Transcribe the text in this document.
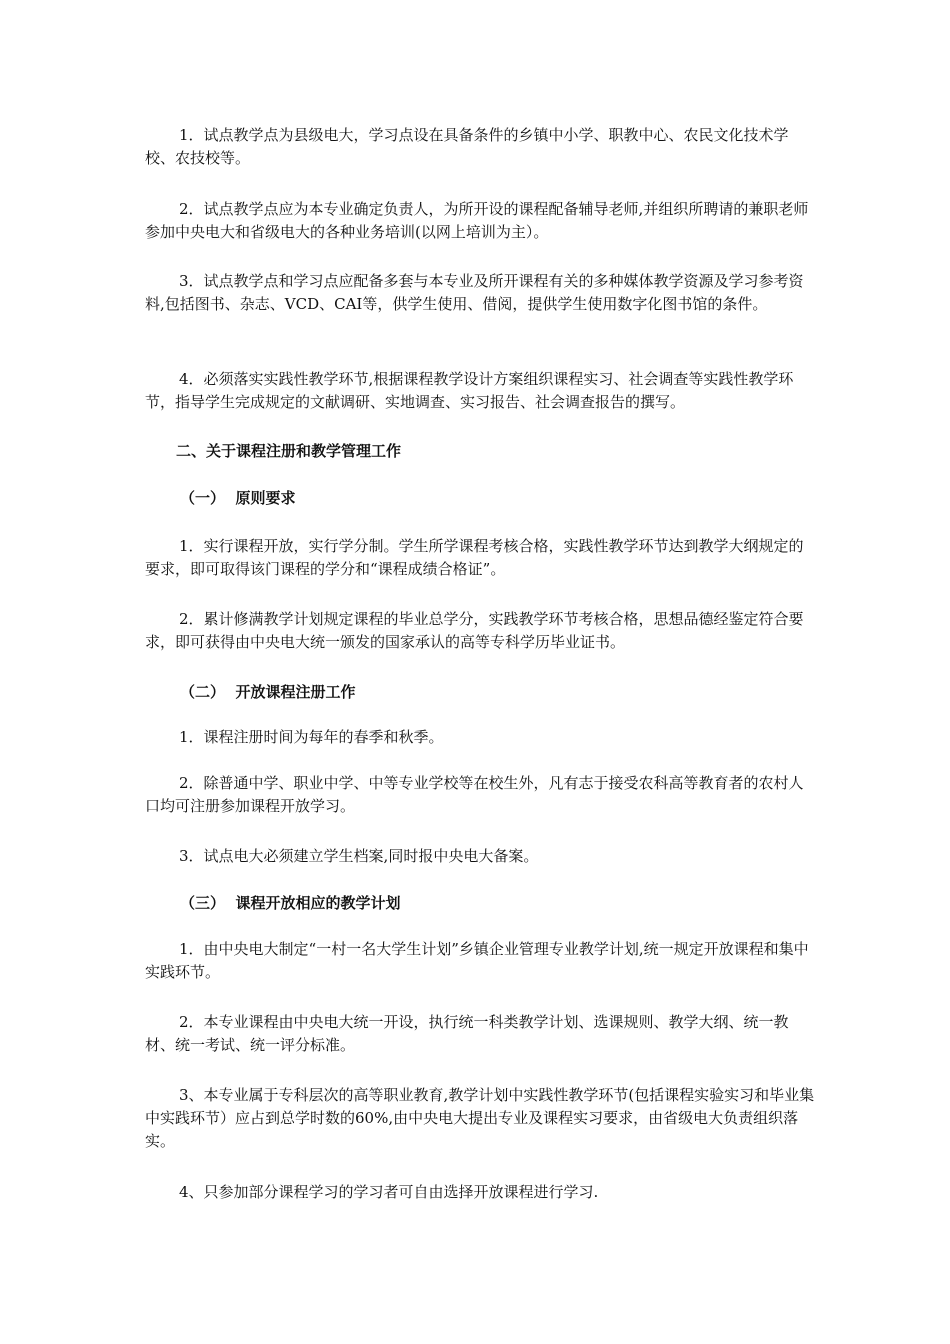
1．试点教学点为县级电大，学习点设在具备条件的乡镇中小学、职教中心、农民文化技术学校、农技校等。

2．试点教学点应为本专业确定负责人，为所开设的课程配备辅导老师,并组织所聘请的兼职老师参加中央电大和省级电大的各种业务培训(以网上培训为主）。

3．试点教学点和学习点应配备多套与本专业及所开课程有关的多种媒体教学资源及学习参考资料,包括图书、杂志、VCD、CAI等，供学生使用、借阅，提供学生使用数字化图书馆的条件。

4．必须落实实践性教学环节,根据课程教学设计方案组织课程实习、社会调查等实践性教学环节，指导学生完成规定的文献调研、实地调查、实习报告、社会调查报告的撰写。

二、关于课程注册和教学管理工作

（一）  原则要求

1．实行课程开放，实行学分制。学生所学课程考核合格，实践性教学环节达到教学大纲规定的要求，即可取得该门课程的学分和“课程成绩合格证”。

2．累计修满教学计划规定课程的毕业总学分，实践教学环节考核合格，思想品德经鉴定符合要求，即可获得由中央电大统一颁发的国家承认的高等专科学历毕业证书。

（二）  开放课程注册工作

1．课程注册时间为每年的春季和秋季。

2．除普通中学、职业中学、中等专业学校等在校生外，凡有志于接受农科高等教育者的农村人口均可注册参加课程开放学习。

3．试点电大必须建立学生档案,同时报中央电大备案。

（三）  课程开放相应的教学计划

1．由中央电大制定“一村一名大学生计划”乡镇企业管理专业教学计划,统一规定开放课程和集中实践环节。

2．本专业课程由中央电大统一开设，执行统一科类教学计划、选课规则、教学大纲、统一教材、统一考试、统一评分标准。

3、本专业属于专科层次的高等职业教育,教学计划中实践性教学环节(包括课程实验实习和毕业集中实践环节）应占到总学时数的60%,由中央电大提出专业及课程实习要求，由省级电大负责组织落实。

4、只参加部分课程学习的学习者可自由选择开放课程进行学习.
